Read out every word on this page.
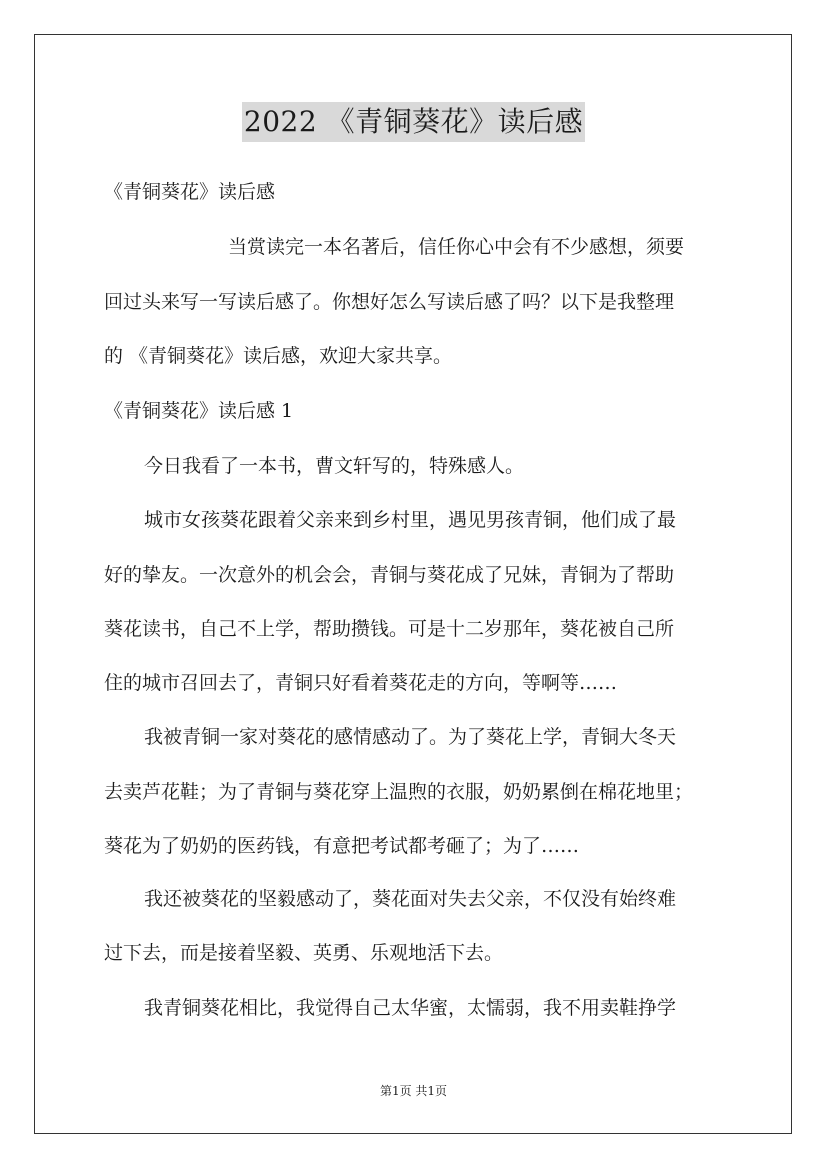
2022 《青铜葵花》读后感
《青铜葵花》读后感
当赏读完一本名著后，信任你心中会有不少感想，须要
回过头来写一写读后感了。你想好怎么写读后感了吗？以下是我整理
的 《青铜葵花》读后感，欢迎大家共享。
《青铜葵花》读后感 1
今日我看了一本书，曹文轩写的，特殊感人。
城市女孩葵花跟着父亲来到乡村里，遇见男孩青铜，他们成了最
好的挚友。一次意外的机会会，青铜与葵花成了兄妹，青铜为了帮助
葵花读书，自己不上学，帮助攒钱。可是十二岁那年，葵花被自己所
住的城市召回去了，青铜只好看着葵花走的方向，等啊等……
我被青铜一家对葵花的感情感动了。为了葵花上学，青铜大冬天
去卖芦花鞋；为了青铜与葵花穿上温煦的衣服，奶奶累倒在棉花地里；
葵花为了奶奶的医药钱，有意把考试都考砸了；为了……
我还被葵花的坚毅感动了，葵花面对失去父亲，不仅没有始终难
过下去，而是接着坚毅、英勇、乐观地活下去。
我青铜葵花相比，我觉得自己太华蜜，太懦弱，我不用卖鞋挣学
第1页 共1页
